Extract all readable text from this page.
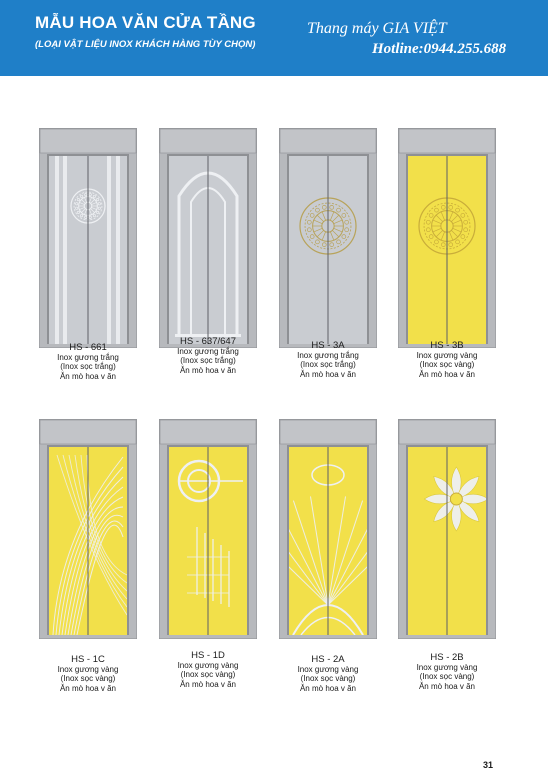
MẪU HOA VĂN CỬA TẦNG
(LOẠI VẬT LIỆU INOX KHÁCH HÀNG TÙY CHỌN)
Thang máy GIA VIỆT
Hotline:0944.255.688
HS - 661
Inox gương trắng
(Inox sọc trắng)
Ăn mò hoa v ăn
HS - 637/647
Inox gương trắng
(Inox sọc trắng)
Ăn mò hoa v ăn
HS - 3A
Inox gương trắng
(Inox sọc trắng)
Ăn mò hoa v ăn
HS - 3B
Inox gương vàng
(Inox sọc vàng)
Ăn mò hoa v ăn
HS - 1C
Inox gương vàng
(Inox sọc vàng)
Ăn mò hoa v ăn
HS - 1D
Inox gương vàng
(Inox sọc vàng)
Ăn mò hoa v ăn
HS - 2A
Inox gương vàng
(Inox sọc vàng)
Ăn mò hoa v ăn
HS - 2B
Inox gương vàng
(Inox sọc vàng)
Ăn mò hoa v ăn
31
